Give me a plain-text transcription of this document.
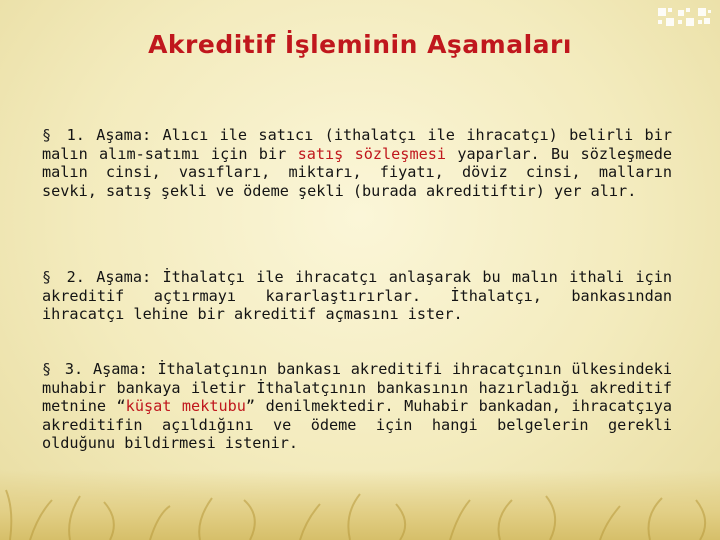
Akreditif İşleminin Aşamaları

§ 1. Aşama: Alıcı ile satıcı (ithalatçı ile ihracatçı) belirli bir malın alım-satımı için bir satış sözleşmesi yaparlar. Bu sözleşmede malın cinsi, vasıfları, miktarı, fiyatı, döviz cinsi, malların sevki, satış şekli ve ödeme şekli (burada akreditiftir) yer alır.

§ 2. Aşama: İthalatçı ile ihracatçı anlaşarak bu malın ithali için akreditif açtırmayı kararlaştırırlar. İthalatçı, bankasından ihracatçı lehine bir akreditif açmasını ister.

§ 3. Aşama: İthalatçının bankası akreditifi ihracatçının ülkesindeki muhabir bankaya iletir İthalatçının bankasının hazırladığı akreditif metnine “küşat mektubu” denilmektedir. Muhabir bankadan, ihracatçıya akreditifin açıldığını ve ödeme için hangi belgelerin gerekli olduğunu bildirmesi istenir.
